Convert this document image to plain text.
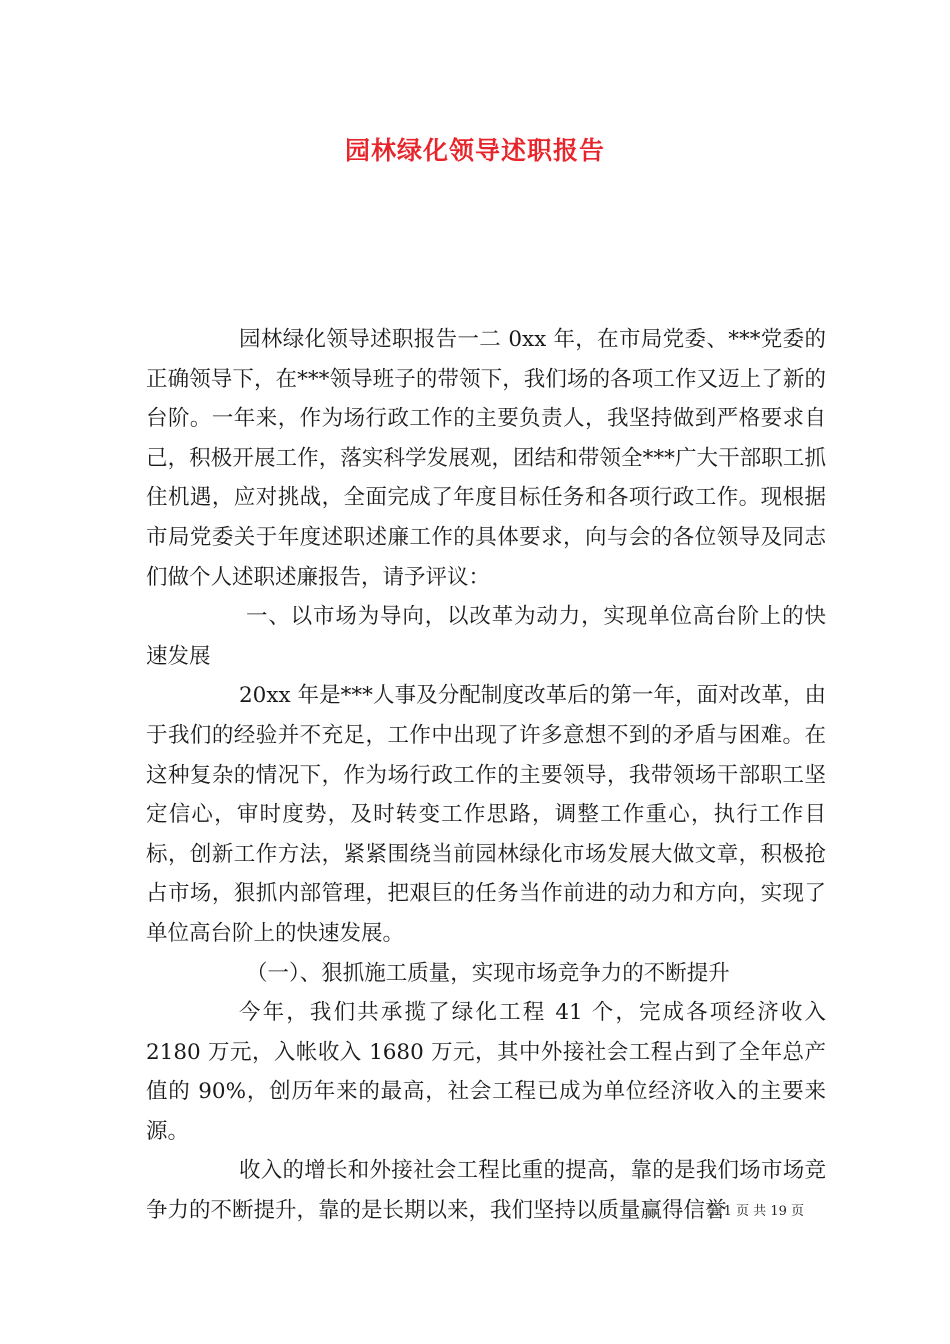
园林绿化领导述职报告

园林绿化领导述职报告一二 0xx 年，在市局党委、***党委的正确领导下，在***领导班子的带领下，我们场的各项工作又迈上了新的台阶。一年来，作为场行政工作的主要负责人，我坚持做到严格要求自己，积极开展工作，落实科学发展观，团结和带领全***广大干部职工抓住机遇，应对挑战，全面完成了年度目标任务和各项行政工作。现根据市局党委关于年度述职述廉工作的具体要求，向与会的各位领导及同志们做个人述职述廉报告，请予评议：

一、以市场为导向，以改革为动力，实现单位高台阶上的快速发展

20xx 年是***人事及分配制度改革后的第一年，面对改革，由于我们的经验并不充足，工作中出现了许多意想不到的矛盾与困难。在这种复杂的情况下，作为场行政工作的主要领导，我带领场干部职工坚定信心，审时度势，及时转变工作思路，调整工作重心，执行工作目标，创新工作方法，紧紧围绕当前园林绿化市场发展大做文章，积极抢占市场，狠抓内部管理，把艰巨的任务当作前进的动力和方向，实现了单位高台阶上的快速发展。

（一）、狠抓施工质量，实现市场竞争力的不断提升

今年，我们共承揽了绿化工程 41 个，完成各项经济收入 2180 万元，入帐收入 1680 万元，其中外接社会工程占到了全年总产值的 90%，创历年来的最高，社会工程已成为单位经济收入的主要来源。

收入的增长和外接社会工程比重的提高，靠的是我们场市场竞争力的不断提升，靠的是长期以来，我们坚持以质量赢得信誉

第 1 页 共 19 页
